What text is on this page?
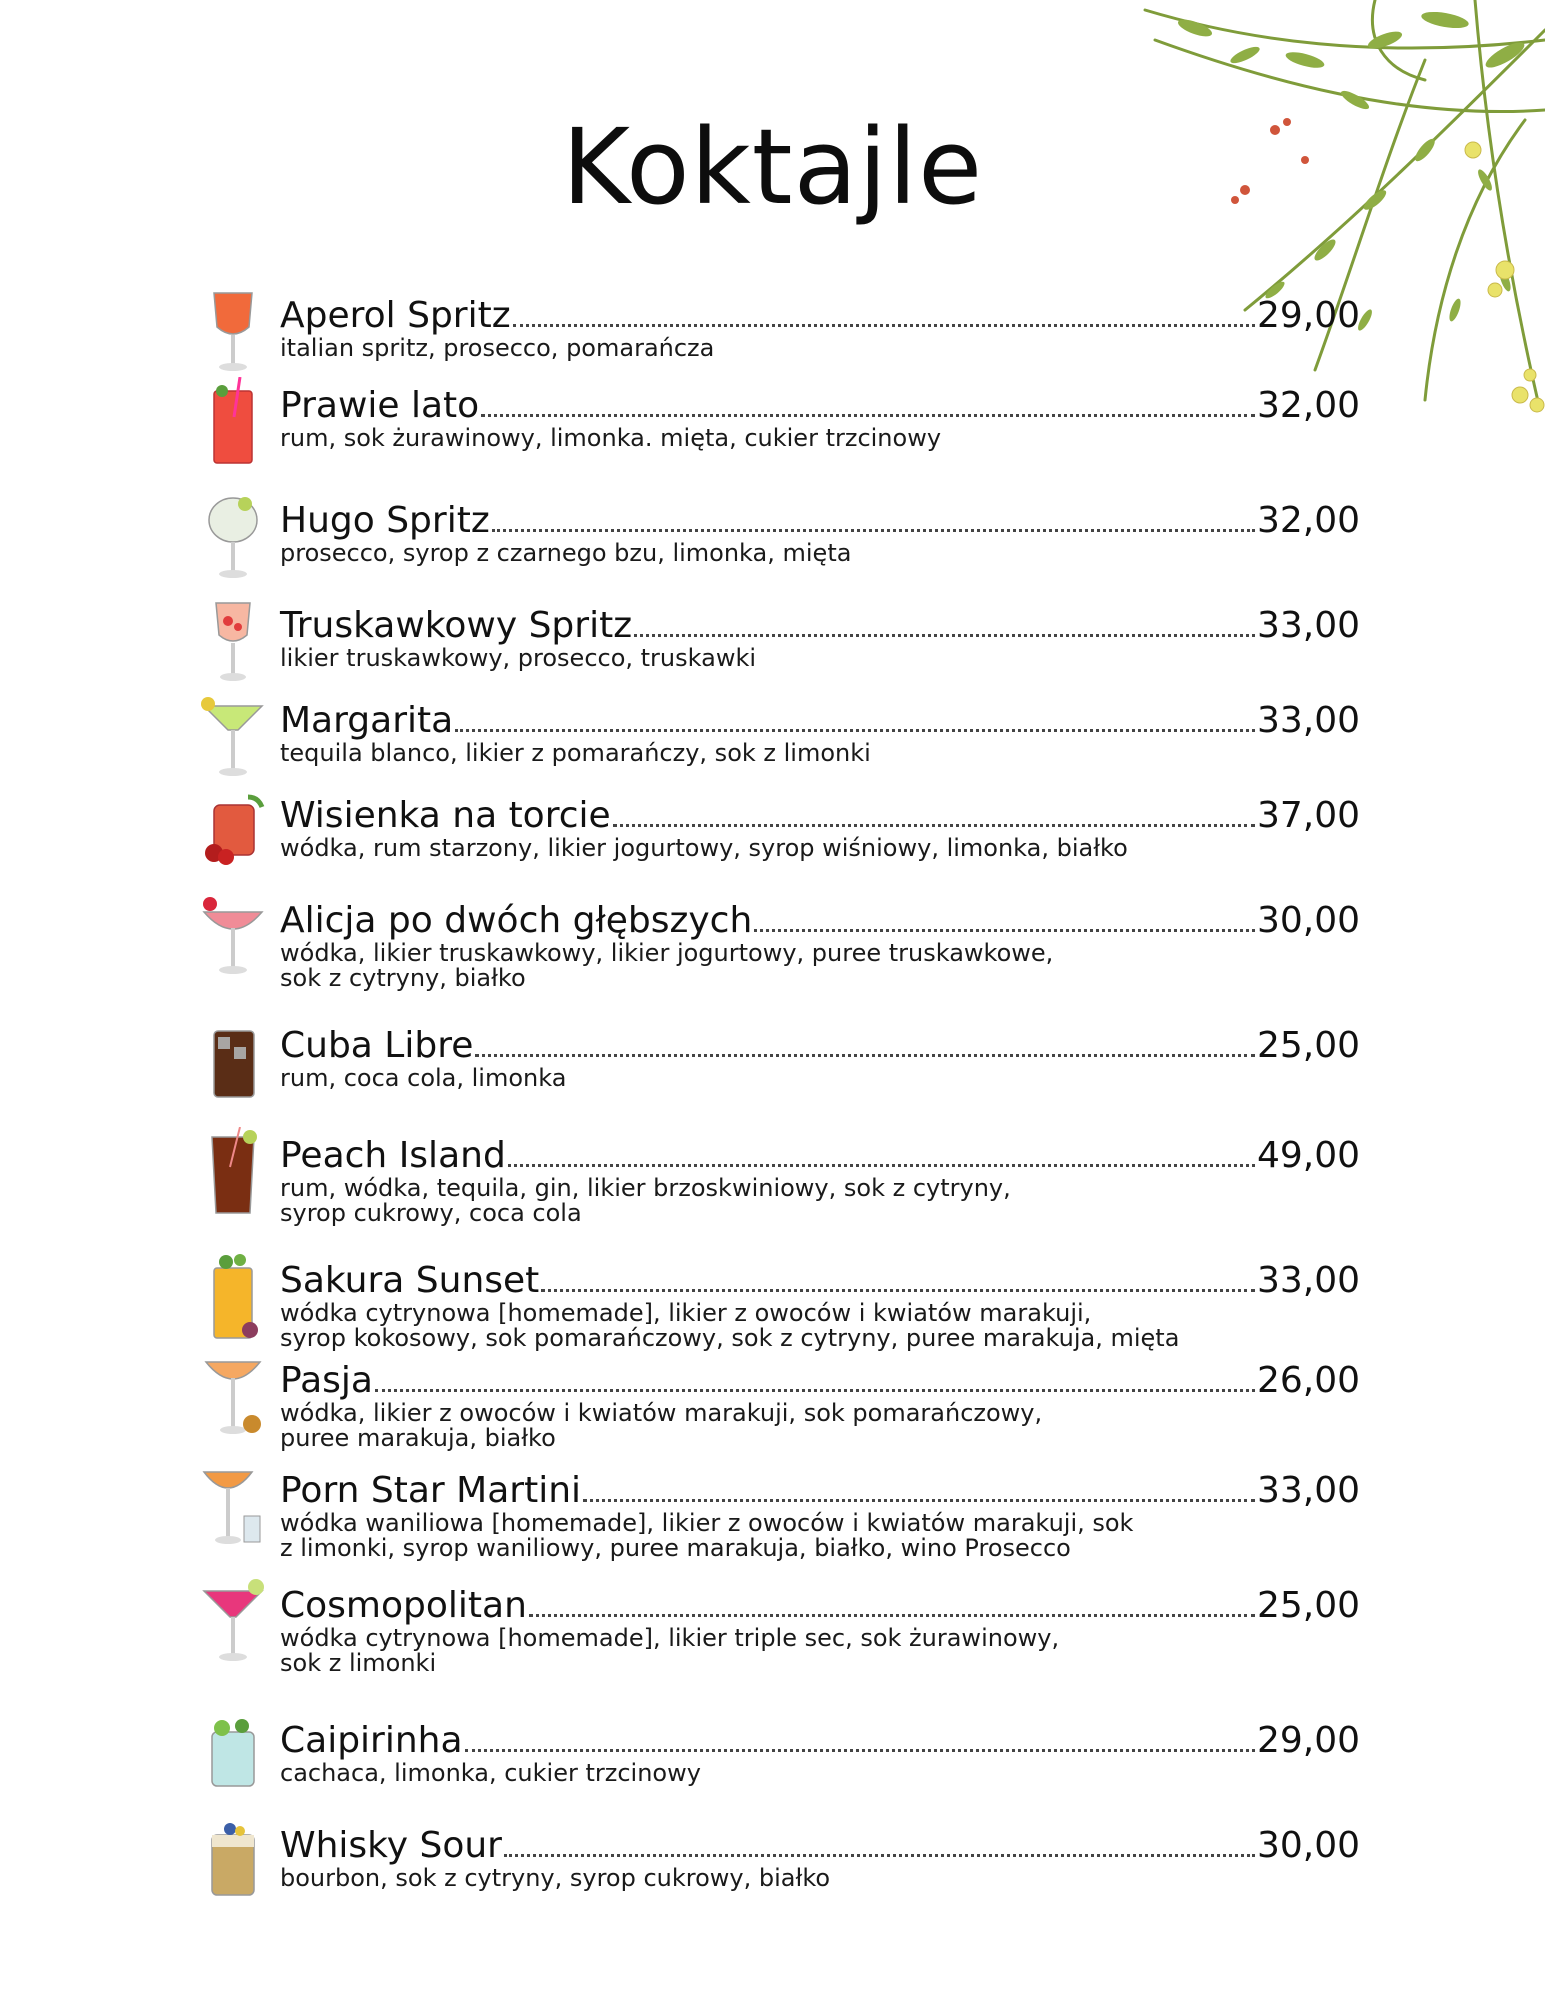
Koktajle
Aperol Spritz	29,00
italian spritz, prosecco, pomarańcza
Prawie lato	32,00
rum, sok żurawinowy, limonka. mięta, cukier trzcinowy
Hugo Spritz	32,00
prosecco, syrop z czarnego bzu, limonka, mięta
Truskawkowy Spritz	33,00
likier truskawkowy, prosecco, truskawki
Margarita	33,00
tequila blanco, likier z pomarańczy, sok z limonki
Wisienka na torcie	37,00
wódka, rum starzony, likier jogurtowy, syrop wiśniowy, limonka, białko
Alicja po dwóch głębszych	30,00
wódka, likier truskawkowy, likier jogurtowy, puree truskawkowe,
sok z cytryny, białko
Cuba Libre	25,00
rum, coca cola, limonka
Peach Island	49,00
rum, wódka, tequila, gin, likier brzoskwiniowy, sok z cytryny,
syrop cukrowy, coca cola
Sakura Sunset	33,00
wódka cytrynowa [homemade], likier z owoców i kwiatów marakuji,
syrop kokosowy, sok pomarańczowy, sok z cytryny, puree marakuja, mięta
Pasja	26,00
wódka, likier z owoców i kwiatów marakuji, sok pomarańczowy,
puree marakuja, białko
Porn Star Martini	33,00
wódka waniliowa [homemade], likier z owoców i kwiatów marakuji, sok
z limonki, syrop waniliowy, puree marakuja, białko, wino Prosecco
Cosmopolitan	25,00
wódka cytrynowa [homemade], likier triple sec, sok żurawinowy,
sok z limonki
Caipirinha	29,00
cachaca, limonka, cukier trzcinowy
Whisky Sour	30,00
bourbon, sok z cytryny, syrop cukrowy, białko
